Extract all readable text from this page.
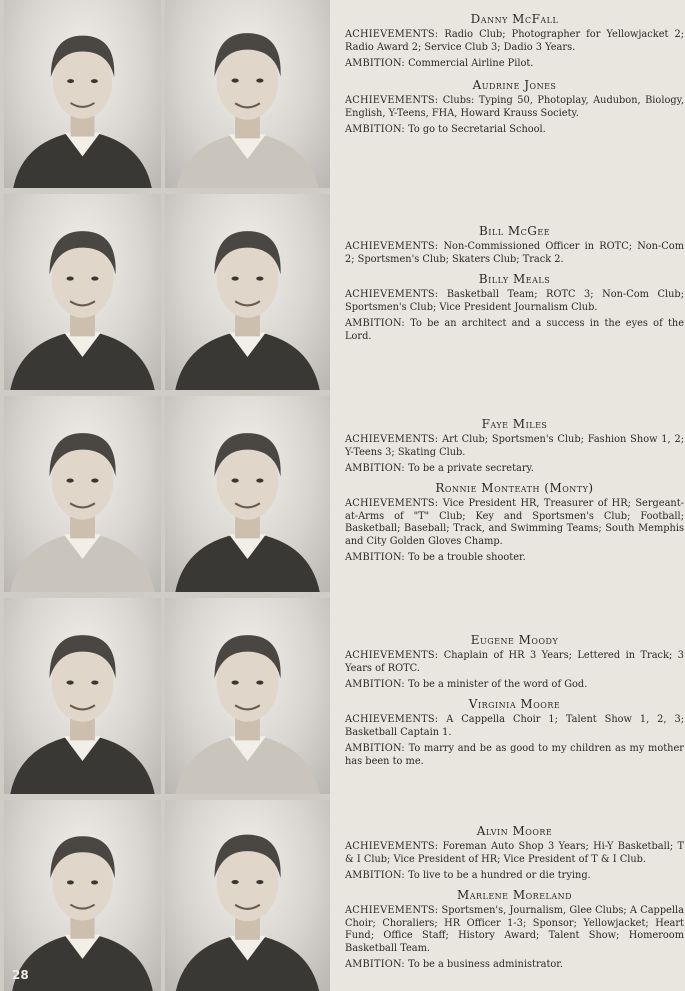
28
Danny McFall
ACHIEVEMENTS: Radio Club; Photographer for Yellowjacket 2; Radio Award 2; Service Club 3; Dadio 3 Years.
AMBITION: Commercial Airline Pilot.
Audrine Jones
ACHIEVEMENTS: Clubs: Typing 50, Photoplay, Audubon, Biology, English, Y-Teens, FHA, Howard Krauss Society.
AMBITION: To go to Secretarial School.
Bill McGee
ACHIEVEMENTS: Non-Commissioned Officer in ROTC; Non-Com 2; Sportsmen's Club; Skaters Club; Track 2.
Billy Meals
ACHIEVEMENTS: Basketball Team; ROTC 3; Non-Com Club; Sportsmen's Club; Vice President Journalism Club.
AMBITION: To be an architect and a success in the eyes of the Lord.
Faye Miles
ACHIEVEMENTS: Art Club; Sportsmen's Club; Fashion Show 1, 2; Y-Teens 3; Skating Club.
AMBITION: To be a private secretary.
Ronnie Monteath (Monty)
ACHIEVEMENTS: Vice President HR, Treasurer of HR; Sergeant-at-Arms of "T" Club; Key and Sportsmen's Club; Football; Basketball; Baseball; Track, and Swimming Teams; South Memphis and City Golden Gloves Champ.
AMBITION: To be a trouble shooter.
Eugene Moody
ACHIEVEMENTS: Chaplain of HR 3 Years; Lettered in Track; 3 Years of ROTC.
AMBITION: To be a minister of the word of God.
Virginia Moore
ACHIEVEMENTS: A Cappella Choir 1; Talent Show 1, 2, 3; Basketball Captain 1.
AMBITION: To marry and be as good to my children as my mother has been to me.
Alvin Moore
ACHIEVEMENTS: Foreman Auto Shop 3 Years; Hi-Y Basketball; T & I Club; Vice President of HR; Vice President of T & I Club.
AMBITION: To live to be a hundred or die trying.
Marlene Moreland
ACHIEVEMENTS: Sportsmen's, Journalism, Glee Clubs; A Cappella Choir; Choraliers; HR Officer 1-3; Sponsor; Yellowjacket; Heart Fund; Office Staff; History Award; Talent Show; Homeroom Basketball Team.
AMBITION: To be a business administrator.
